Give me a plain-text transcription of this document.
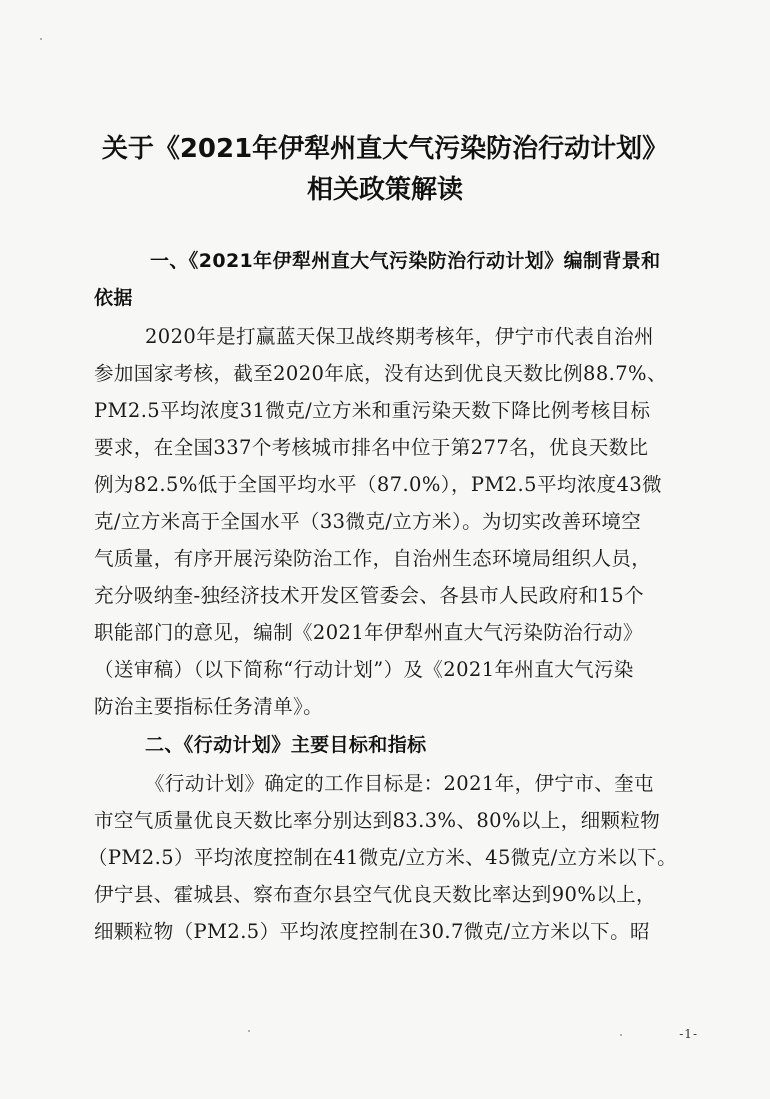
关于《2021年伊犁州直大气污染防治行动计划》
相关政策解读
一、《2021年伊犁州直大气污染防治行动计划》编制背景和
依据
2020年是打赢蓝天保卫战终期考核年，伊宁市代表自治州
参加国家考核，截至2020年底，没有达到优良天数比例88.7%、
PM2.5平均浓度31微克/立方米和重污染天数下降比例考核目标
要求，在全国337个考核城市排名中位于第277名，优良天数比
例为82.5%低于全国平均水平（87.0%），PM2.5平均浓度43微
克/立方米高于全国水平（33微克/立方米）。为切实改善环境空
气质量，有序开展污染防治工作，自治州生态环境局组织人员，
充分吸纳奎-独经济技术开发区管委会、各县市人民政府和15个
职能部门的意见，编制《2021年伊犁州直大气污染防治行动》
（送审稿）（以下简称“行动计划”）及《2021年州直大气污染
防治主要指标任务清单》。
二、《行动计划》主要目标和指标
《行动计划》确定的工作目标是：2021年，伊宁市、奎屯
市空气质量优良天数比率分别达到83.3%、80%以上，细颗粒物
（PM2.5）平均浓度控制在41微克/立方米、45微克/立方米以下。
伊宁县、霍城县、察布查尔县空气优良天数比率达到90%以上，
细颗粒物（PM2.5）平均浓度控制在30.7微克/立方米以下。昭
-1-
